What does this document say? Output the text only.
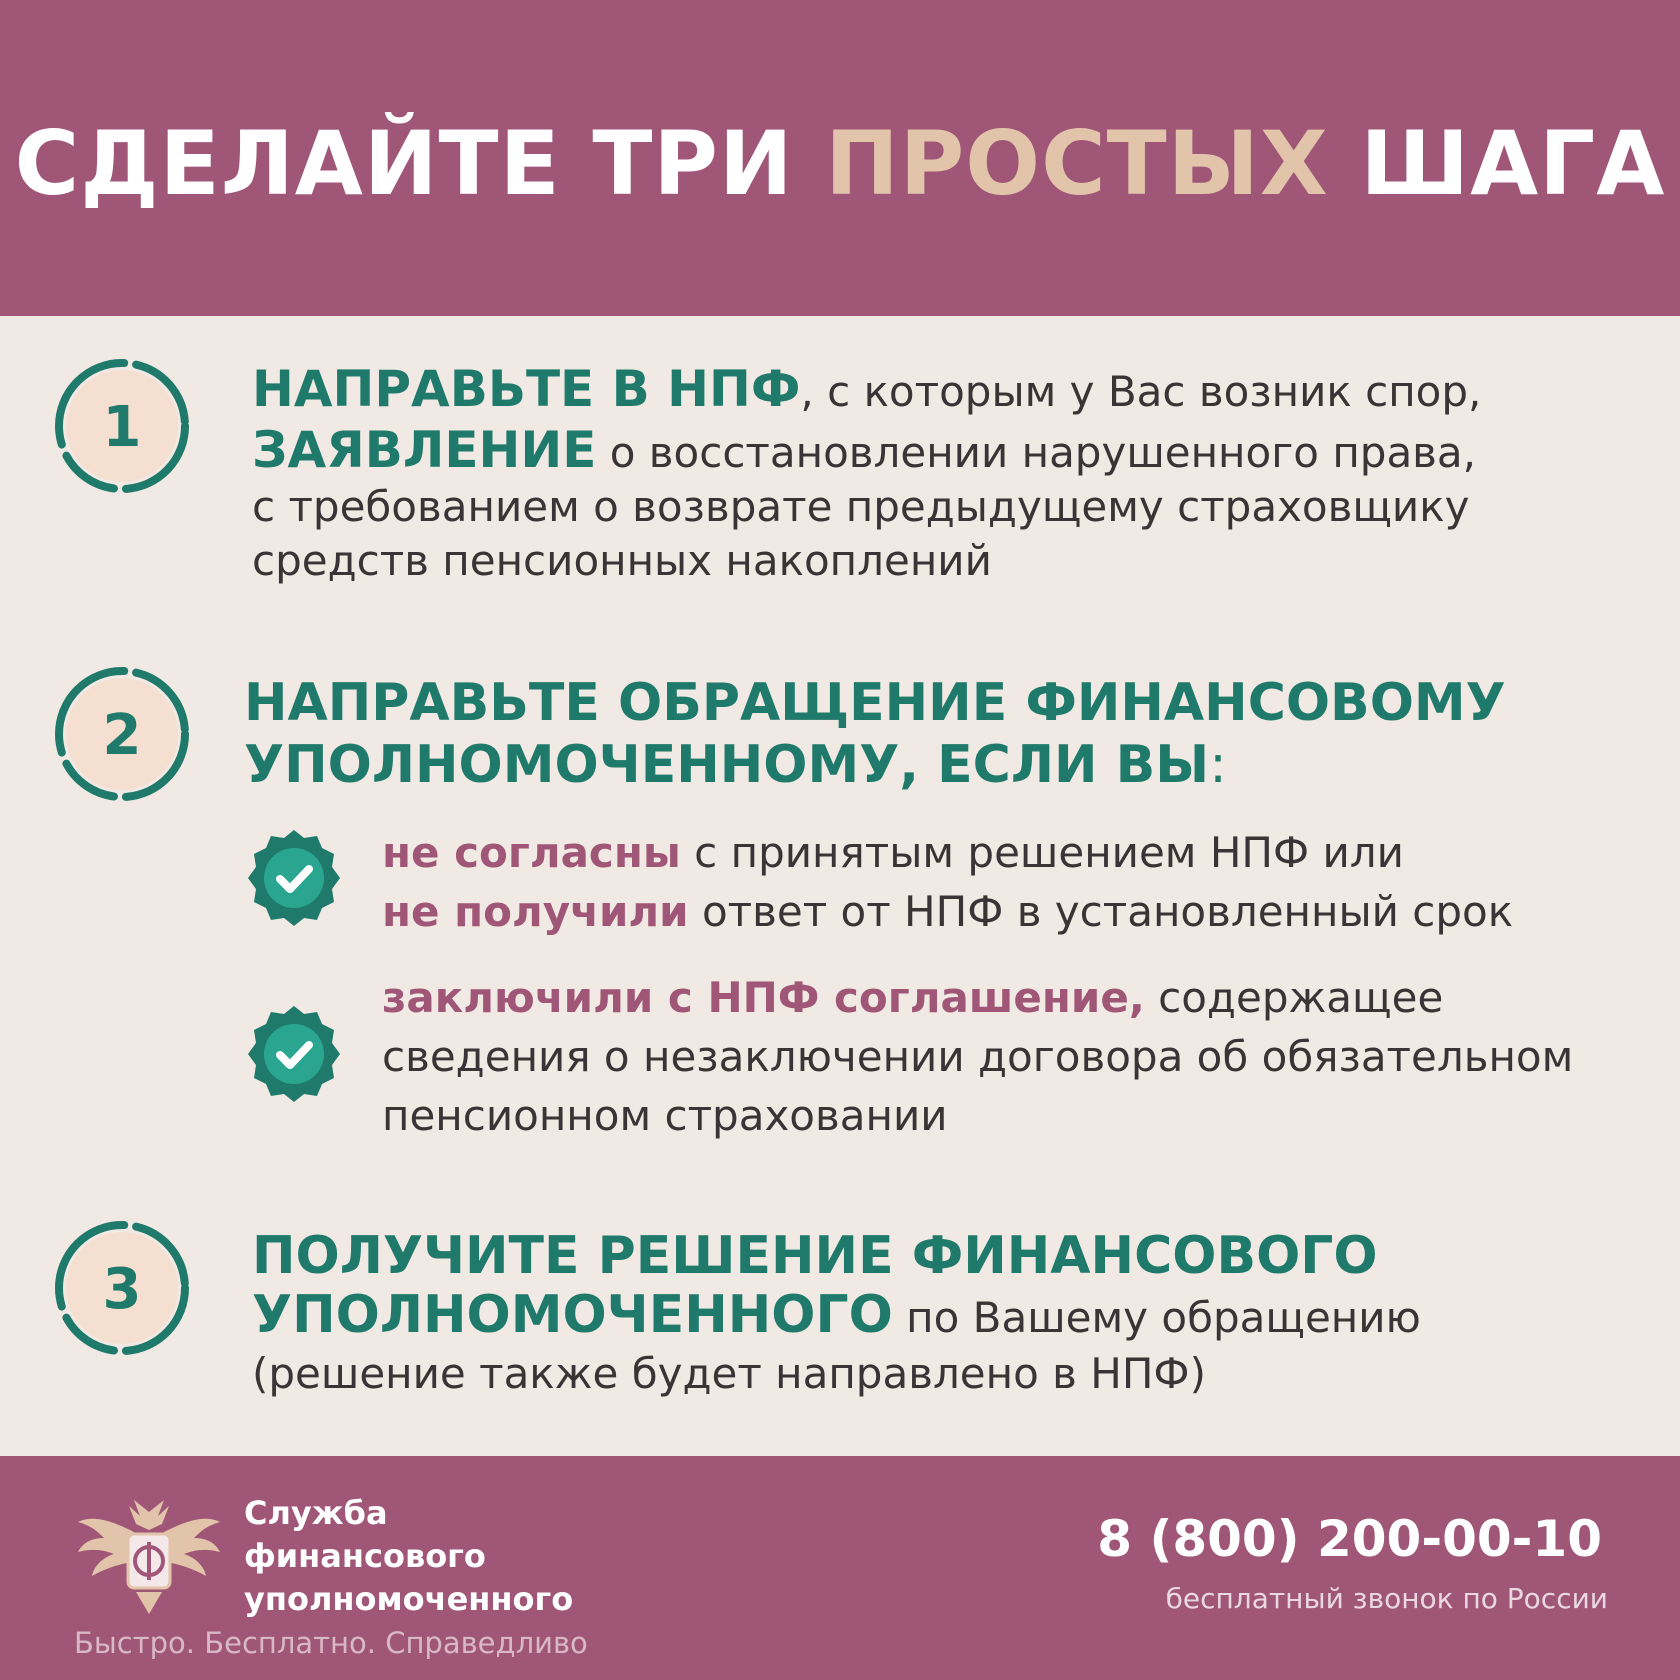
СДЕЛАЙТЕ ТРИ ПРОСТЫХ ШАГА
1
НАПРАВЬТЕ В НПФ, с которым у Вас возник спор,
ЗАЯВЛЕНИЕ о восстановлении нарушенного права,
с требованием о возврате предыдущему страховщику
средств пенсионных накоплений
2 НАПРАВЬТЕ ОБРАЩЕНИЕ ФИНАНСОВОМУ
УПОЛНОМОЧЕННОМУ, ЕСЛИ ВЫ:
не согласны с принятым решением НПФ или
не получили ответ от НПФ в установленный срок
заключили с НПФ соглашение, содержащее
сведения о незаключении договора об обязательном
пенсионном страховании
3
ПОЛУЧИТЕ РЕШЕНИЕ ФИНАНСОВОГО
УПОЛНОМОЧЕННОГО по Вашему обращению
(решение также будет направлено в НПФ)
Служба
финансового
уполномоченного
Быстро. Бесплатно. Справедливо
8 (800) 200-00-10
бесплатный звонок по России
